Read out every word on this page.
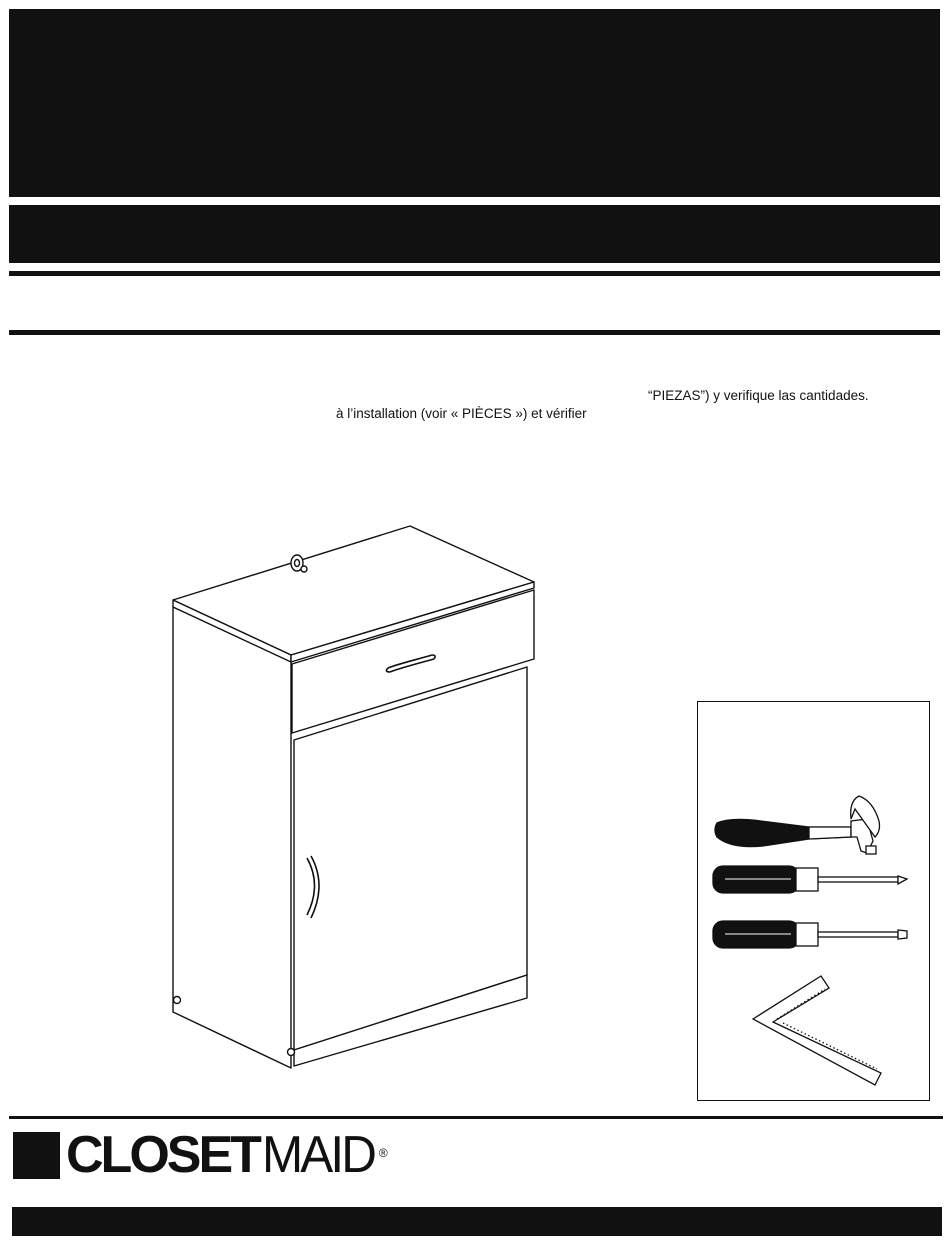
“PIEZAS”) y verifique las cantidades.
à l’installation (voir « PIÈCES ») et vérifier
CLOSETMAID ®
